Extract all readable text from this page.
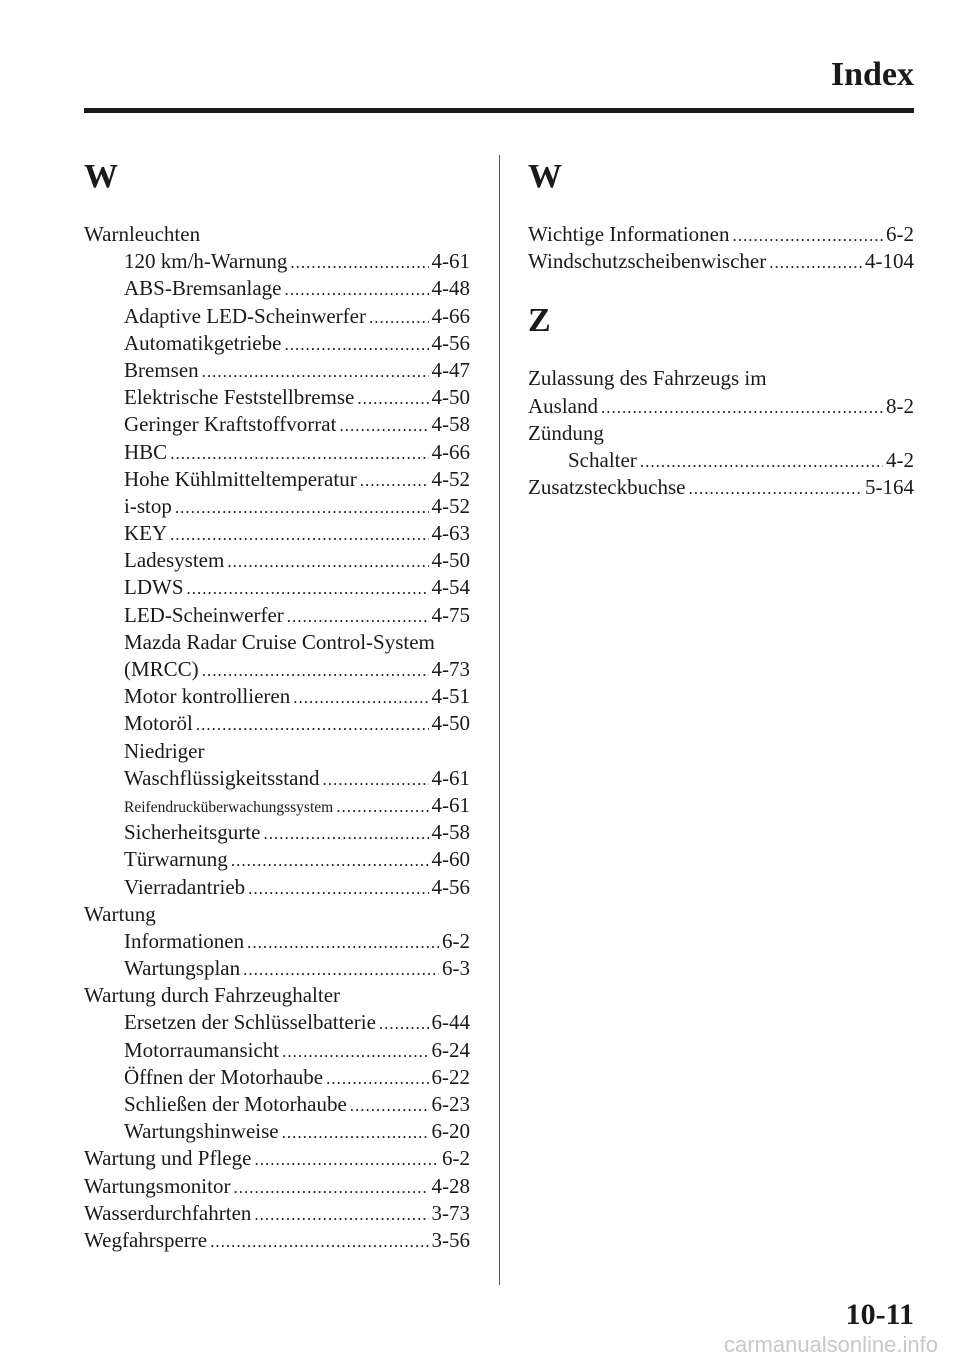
Index
W
Warnleuchten
120 km/h-Warnung .....	4-61
ABS-Bremsanlage .....	4-48
Adaptive LED-Scheinwerfer .....	4-66
Automatikgetriebe .....	4-56
Bremsen .....	4-47
Elektrische Feststellbremse .....	4-50
Geringer Kraftstoffvorrat .....	4-58
HBC .....	4-66
Hohe Kühlmitteltemperatur .....	4-52
i-stop .....	4-52
KEY .....	4-63
Ladesystem .....	4-50
LDWS .....	4-54
LED-Scheinwerfer .....	4-75
Mazda Radar Cruise Control-System
(MRCC) .....	4-73
Motor kontrollieren .....	4-51
Motoröl .....	4-50
Niedriger
Waschflüssigkeitsstand .....	4-61
Reifendrucküberwachungssystem .....	4-61
Sicherheitsgurte .....	4-58
Türwarnung .....	4-60
Vierradantrieb .....	4-56
Wartung
Informationen .....	6-2
Wartungsplan .....	6-3
Wartung durch Fahrzeughalter
Ersetzen der Schlüsselbatterie .....	6-44
Motorraumansicht .....	6-24
Öffnen der Motorhaube .....	6-22
Schließen der Motorhaube .....	6-23
Wartungshinweise .....	6-20
Wartung und Pflege .....	6-2
Wartungsmonitor .....	4-28
Wasserdurchfahrten .....	3-73
Wegfahrsperre .....	3-56
W
Wichtige Informationen .....	6-2
Windschutzscheibenwischer .....	4-104
Z
Zulassung des Fahrzeugs im
Ausland .....	8-2
Zündung
Schalter .....	4-2
Zusatzsteckbuchse .....	5-164
10-11
carmanualsonline.info
